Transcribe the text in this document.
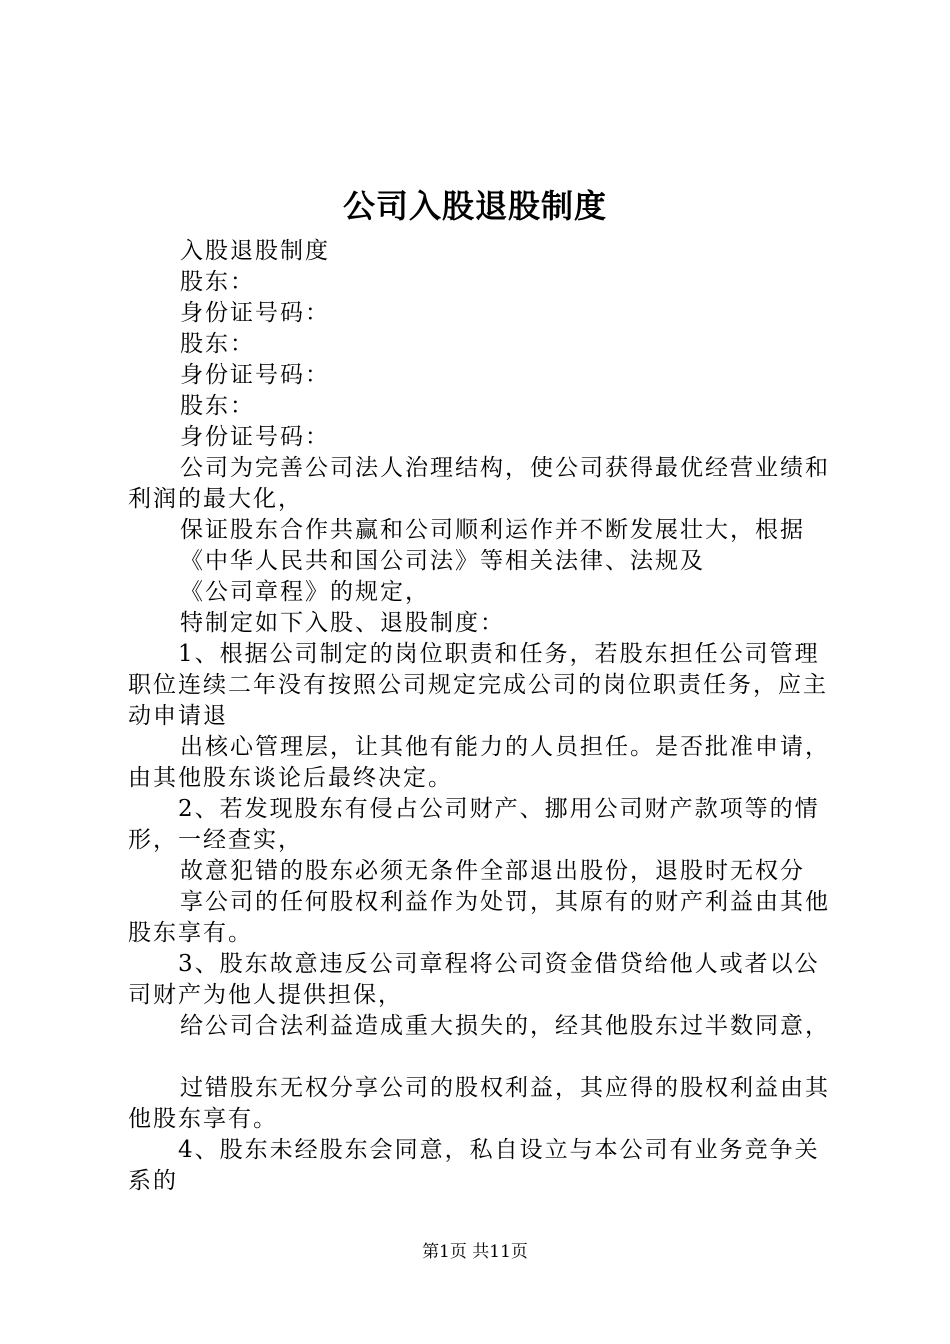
公司入股退股制度

入股退股制度

股东：

身份证号码：

股东：

身份证号码：

股东：

身份证号码：

公司为完善公司法人治理结构，使公司获得最优经营业绩和利润的最大化，

保证股东合作共赢和公司顺利运作并不断发展壮大，根据

《中华人民共和国公司法》等相关法律、法规及

《公司章程》的规定，

特制定如下入股、退股制度：

1、根据公司制定的岗位职责和任务，若股东担任公司管理职位连续二年没有按照公司规定完成公司的岗位职责任务，应主动申请退

出核心管理层，让其他有能力的人员担任。是否批准申请，由其他股东谈论后最终决定。

2、若发现股东有侵占公司财产、挪用公司财产款项等的情形，一经查实，

故意犯错的股东必须无条件全部退出股份，退股时无权分

享公司的任何股权利益作为处罚，其原有的财产利益由其他股东享有。

3、股东故意违反公司章程将公司资金借贷给他人或者以公司财产为他人提供担保，

给公司合法利益造成重大损失的，经其他股东过半数同意，

过错股东无权分享公司的股权利益，其应得的股权利益由其他股东享有。

4、股东未经股东会同意，私自设立与本公司有业务竞争关系的

第1页 共11页
